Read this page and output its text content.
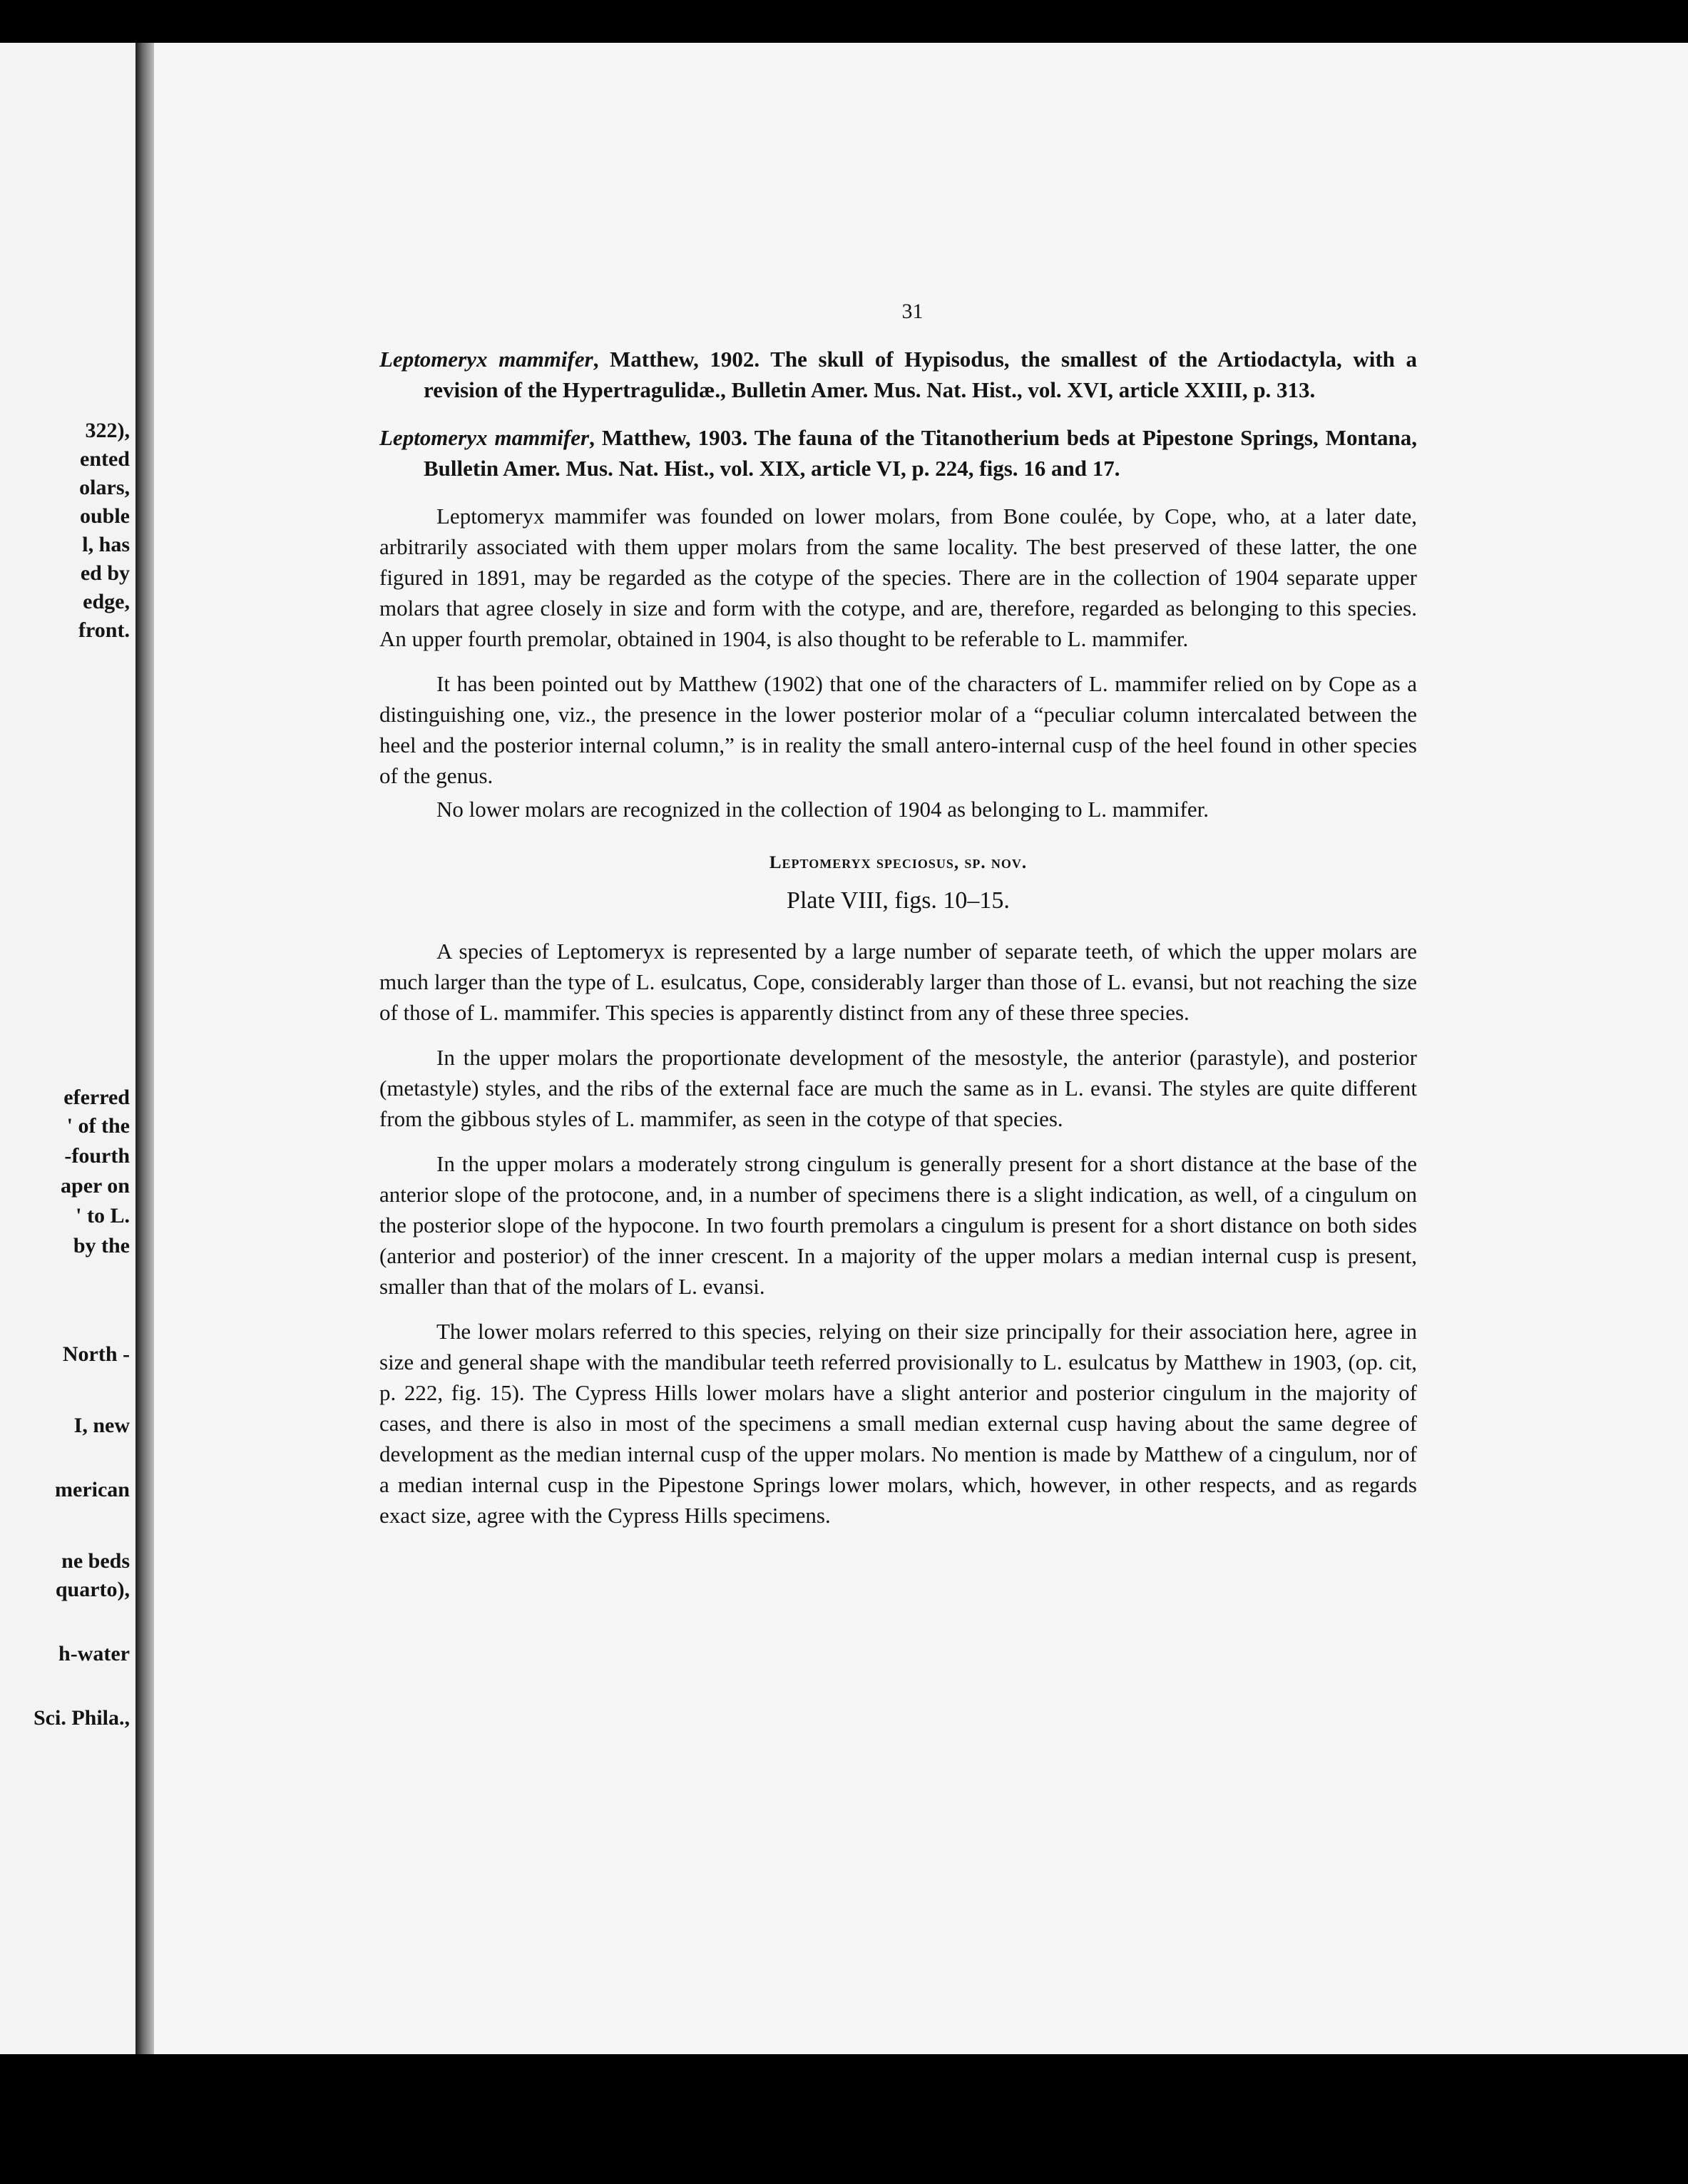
322),
ented
olars,
ouble
l, has
ed by
edge,
front.
eferred
' of the
-fourth
aper on
' to L.
by the
North -
I, new
merican
ne beds
quarto),
h-water
Sci. Phila.,
31

Leptomeryx mammifer, Matthew, 1902. The skull of Hypisodus, the smallest of the Artiodactyla, with a revision of the Hypertragulidæ., Bulletin Amer. Mus. Nat. Hist., vol. XVI, article XXIII, p. 313.

Leptomeryx mammifer, Matthew, 1903. The fauna of the Titanotherium beds at Pipestone Springs, Montana, Bulletin Amer. Mus. Nat. Hist., vol. XIX, article VI, p. 224, figs. 16 and 17.

Leptomeryx mammifer was founded on lower molars, from Bone coulée, by Cope, who, at a later date, arbitrarily associated with them upper molars from the same locality. The best preserved of these latter, the one figured in 1891, may be regarded as the cotype of the species. There are in the collection of 1904 separate upper molars that agree closely in size and form with the cotype, and are, therefore, regarded as belonging to this species. An upper fourth premolar, obtained in 1904, is also thought to be referable to L. mammifer.

It has been pointed out by Matthew (1902) that one of the characters of L. mammifer relied on by Cope as a distinguishing one, viz., the presence in the lower posterior molar of a “peculiar column intercalated between the heel and the posterior internal column,” is in reality the small antero-internal cusp of the heel found in other species of the genus.

No lower molars are recognized in the collection of 1904 as belonging to L. mammifer.

Leptomeryx speciosus, sp. nov.
Plate VIII, figs. 10–15.

A species of Leptomeryx is represented by a large number of separate teeth, of which the upper molars are much larger than the type of L. esulcatus, Cope, considerably larger than those of L. evansi, but not reaching the size of those of L. mammifer. This species is apparently distinct from any of these three species.

In the upper molars the proportionate development of the mesostyle, the anterior (parastyle), and posterior (metastyle) styles, and the ribs of the external face are much the same as in L. evansi. The styles are quite different from the gibbous styles of L. mammifer, as seen in the cotype of that species.

In the upper molars a moderately strong cingulum is generally present for a short distance at the base of the anterior slope of the protocone, and, in a number of specimens there is a slight indication, as well, of a cingulum on the posterior slope of the hypocone. In two fourth premolars a cingulum is present for a short distance on both sides (anterior and posterior) of the inner crescent. In a majority of the upper molars a median internal cusp is present, smaller than that of the molars of L. evansi.

The lower molars referred to this species, relying on their size principally for their association here, agree in size and general shape with the mandibular teeth referred provisionally to L. esulcatus by Matthew in 1903, (op. cit, p. 222, fig. 15). The Cypress Hills lower molars have a slight anterior and posterior cingulum in the majority of cases, and there is also in most of the specimens a small median external cusp having about the same degree of development as the median internal cusp of the upper molars. No mention is made by Matthew of a cingulum, nor of a median internal cusp in the Pipestone Springs lower molars, which, however, in other respects, and as regards exact size, agree with the Cypress Hills specimens.
